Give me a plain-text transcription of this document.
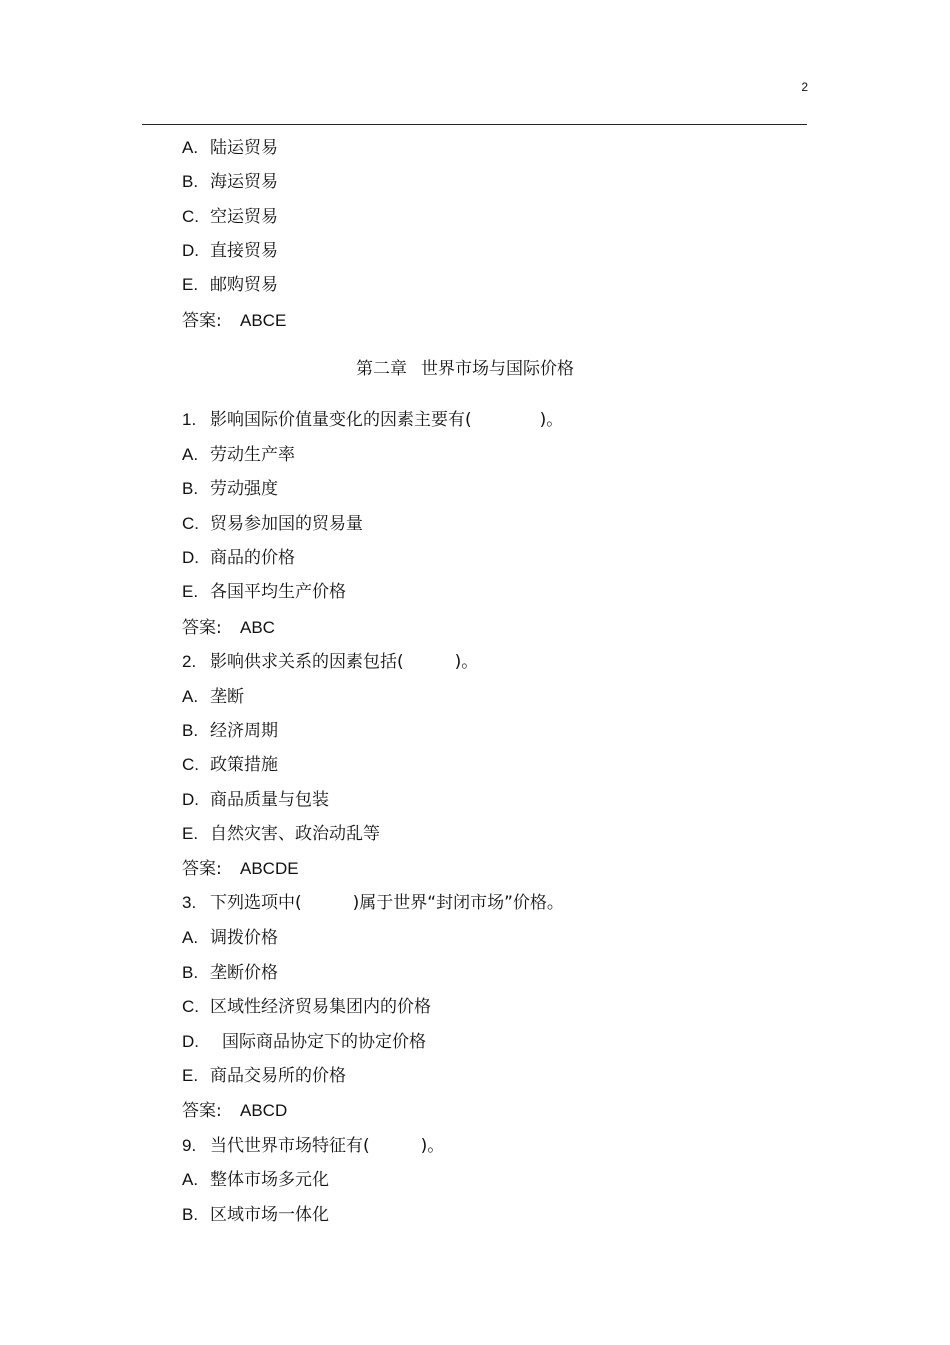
2
A. 陆运贸易
B. 海运贸易
C. 空运贸易
D. 直接贸易
E. 邮购贸易
答案: ABCE
第二章 世界市场与国际价格
1. 影响国际价值量变化的因素主要有(　　　　)。
A. 劳动生产率
B. 劳动强度
C. 贸易参加国的贸易量
D. 商品的价格
E. 各国平均生产价格
答案: ABC
2. 影响供求关系的因素包括(　　　)。
A. 垄断
B. 经济周期
C. 政策措施
D. 商品质量与包装
E. 自然灾害、政治动乱等
答案: ABCDE
3. 下列选项中(　　　)属于世界“封闭市场”价格。
A. 调拨价格
B. 垄断价格
C. 区域性经济贸易集团内的价格
D. 国际商品协定下的协定价格
E. 商品交易所的价格
答案: ABCD
9. 当代世界市场特征有(　　　)。
A. 整体市场多元化
B. 区域市场一体化
